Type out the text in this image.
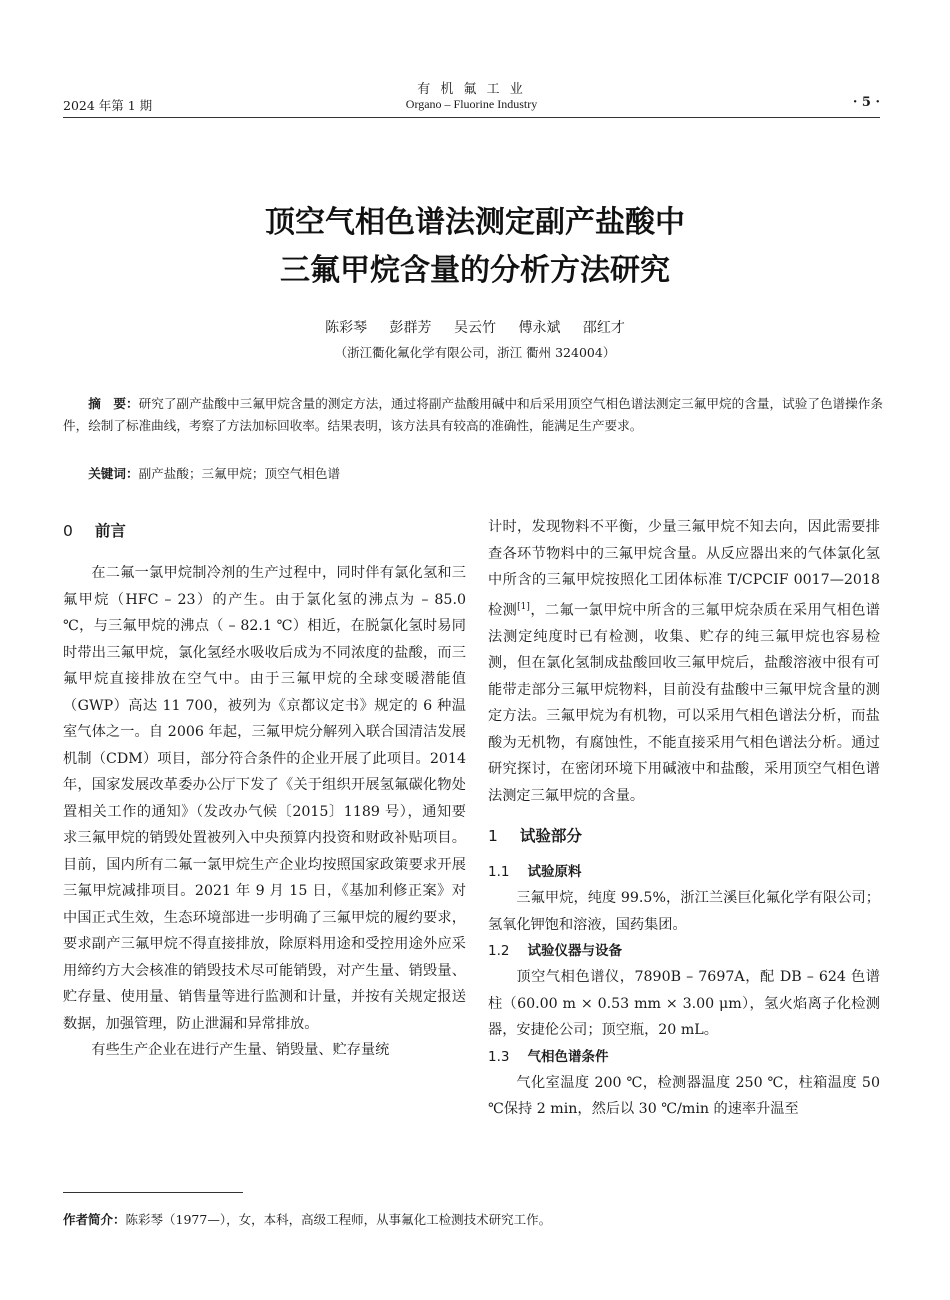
2024 年第 1 期
有 机 氟 工 业
Organo – Fluorine Industry	· 5 ·
顶空气相色谱法测定副产盐酸中
三氟甲烷含量的分析方法研究
陈彩琴 彭群芳 吴云竹 傅永斌 邵红才
（浙江衢化氟化学有限公司，浙江 衢州 324004）
摘　要：研究了副产盐酸中三氟甲烷含量的测定方法，通过将副产盐酸用碱中和后采用顶空气相色谱法测定三氟甲烷的含量，试验了色谱操作条件，绘制了标准曲线，考察了方法加标回收率。结果表明，该方法具有较高的准确性，能满足生产要求。
关键词：副产盐酸；三氟甲烷；顶空气相色谱
0 前言

在二氟一氯甲烷制冷剂的生产过程中，同时伴有氯化氢和三氟甲烷（HFC – 23）的产生。由于氯化氢的沸点为 – 85.0 ℃，与三氟甲烷的沸点（ – 82.1 ℃）相近，在脱氯化氢时易同时带出三氟甲烷，氯化氢经水吸收后成为不同浓度的盐酸，而三氟甲烷直接排放在空气中。由于三氟甲烷的全球变暖潜能值（GWP）高达 11 700，被列为《京都议定书》规定的 6 种温室气体之一。自 2006 年起，三氟甲烷分解列入联合国清洁发展机制（CDM）项目，部分符合条件的企业开展了此项目。2014 年，国家发展改革委办公厅下发了《关于组织开展氢氟碳化物处置相关工作的通知》（发改办气候〔2015〕1189 号），通知要求三氟甲烷的销毁处置被列入中央预算内投资和财政补贴项目。目前，国内所有二氟一氯甲烷生产企业均按照国家政策要求开展三氟甲烷减排项目。2021 年 9 月 15 日，《基加利修正案》对中国正式生效，生态环境部进一步明确了三氟甲烷的履约要求，要求副产三氟甲烷不得直接排放，除原料用途和受控用途外应采用缔约方大会核准的销毁技术尽可能销毁，对产生量、销毁量、贮存量、使用量、销售量等进行监测和计量，并按有关规定报送数据，加强管理，防止泄漏和异常排放。

有些生产企业在进行产生量、销毁量、贮存量统

计时，发现物料不平衡，少量三氟甲烷不知去向，因此需要排查各环节物料中的三氟甲烷含量。从反应器出来的气体氯化氢中所含的三氟甲烷按照化工团体标准 T/CPCIF 0017—2018 检测[1]，二氟一氯甲烷中所含的三氟甲烷杂质在采用气相色谱法测定纯度时已有检测，收集、贮存的纯三氟甲烷也容易检测，但在氯化氢制成盐酸回收三氟甲烷后，盐酸溶液中很有可能带走部分三氟甲烷物料，目前没有盐酸中三氟甲烷含量的测定方法。三氟甲烷为有机物，可以采用气相色谱法分析，而盐酸为无机物，有腐蚀性，不能直接采用气相色谱法分析。通过研究探讨，在密闭环境下用碱液中和盐酸，采用顶空气相色谱法测定三氟甲烷的含量。

1 试验部分
1.1 试验原料

三氟甲烷，纯度 99.5%，浙江兰溪巨化氟化学有限公司；氢氧化钾饱和溶液，国药集团。

1.2 试验仪器与设备

顶空气相色谱仪，7890B – 7697A，配 DB – 624 色谱柱（60.00 m × 0.53 mm × 3.00 μm），氢火焰离子化检测器，安捷伦公司；顶空瓶，20 mL。

1.3 气相色谱条件

气化室温度 200 ℃，检测器温度 250 ℃，柱箱温度 50 ℃保持 2 min，然后以 30 ℃/min 的速率升温至

作者简介：陈彩琴（1977—），女，本科，高级工程师，从事氟化工检测技术研究工作。
